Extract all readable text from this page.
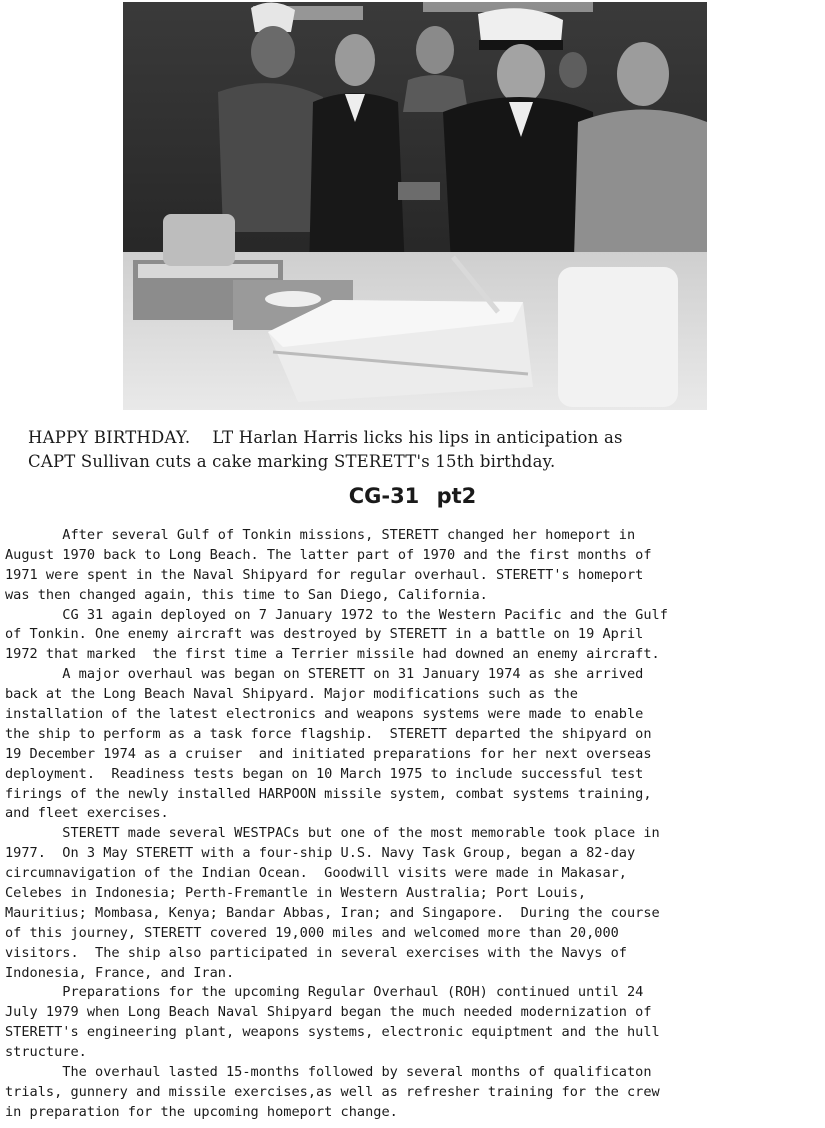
HAPPY BIRTHDAY. LT Harlan Harris licks his lips in anticipation as
CAPT Sullivan cuts a cake marking STERETT's 15th birthday.
CG-31 pt2
After several Gulf of Tonkin missions, STERETT changed her homeport in
August 1970 back to Long Beach. The latter part of 1970 and the first months of
1971 were spent in the Naval Shipyard for regular overhaul. STERETT's homeport
was then changed again, this time to San Diego, California.
CG 31 again deployed on 7 January 1972 to the Western Pacific and the Gulf
of Tonkin. One enemy aircraft was destroyed by STERETT in a battle on 19 April
1972 that marked  the first time a Terrier missile had downed an enemy aircraft.
A major overhaul was began on STERETT on 31 January 1974 as she arrived
back at the Long Beach Naval Shipyard. Major modifications such as the
installation of the latest electronics and weapons systems were made to enable
the ship to perform as a task force flagship.  STERETT departed the shipyard on
19 December 1974 as a cruiser  and initiated preparations for her next overseas
deployment.  Readiness tests began on 10 March 1975 to include successful test
firings of the newly installed HARPOON missile system, combat systems training,
and fleet exercises.
STERETT made several WESTPACs but one of the most memorable took place in
1977.  On 3 May STERETT with a four-ship U.S. Navy Task Group, began a 82-day
circumnavigation of the Indian Ocean.  Goodwill visits were made in Makasar,
Celebes in Indonesia; Perth-Fremantle in Western Australia; Port Louis,
Mauritius; Mombasa, Kenya; Bandar Abbas, Iran; and Singapore.  During the course
of this journey, STERETT covered 19,000 miles and welcomed more than 20,000
visitors.  The ship also participated in several exercises with the Navys of
Indonesia, France, and Iran.
Preparations for the upcoming Regular Overhaul (ROH) continued until 24
July 1979 when Long Beach Naval Shipyard began the much needed modernization of
STERETT's engineering plant, weapons systems, electronic equiptment and the hull
structure.
The overhaul lasted 15-months followed by several months of qualificaton
trials, gunnery and missile exercises,as well as refresher training for the crew
in preparation for the upcoming homeport change.
